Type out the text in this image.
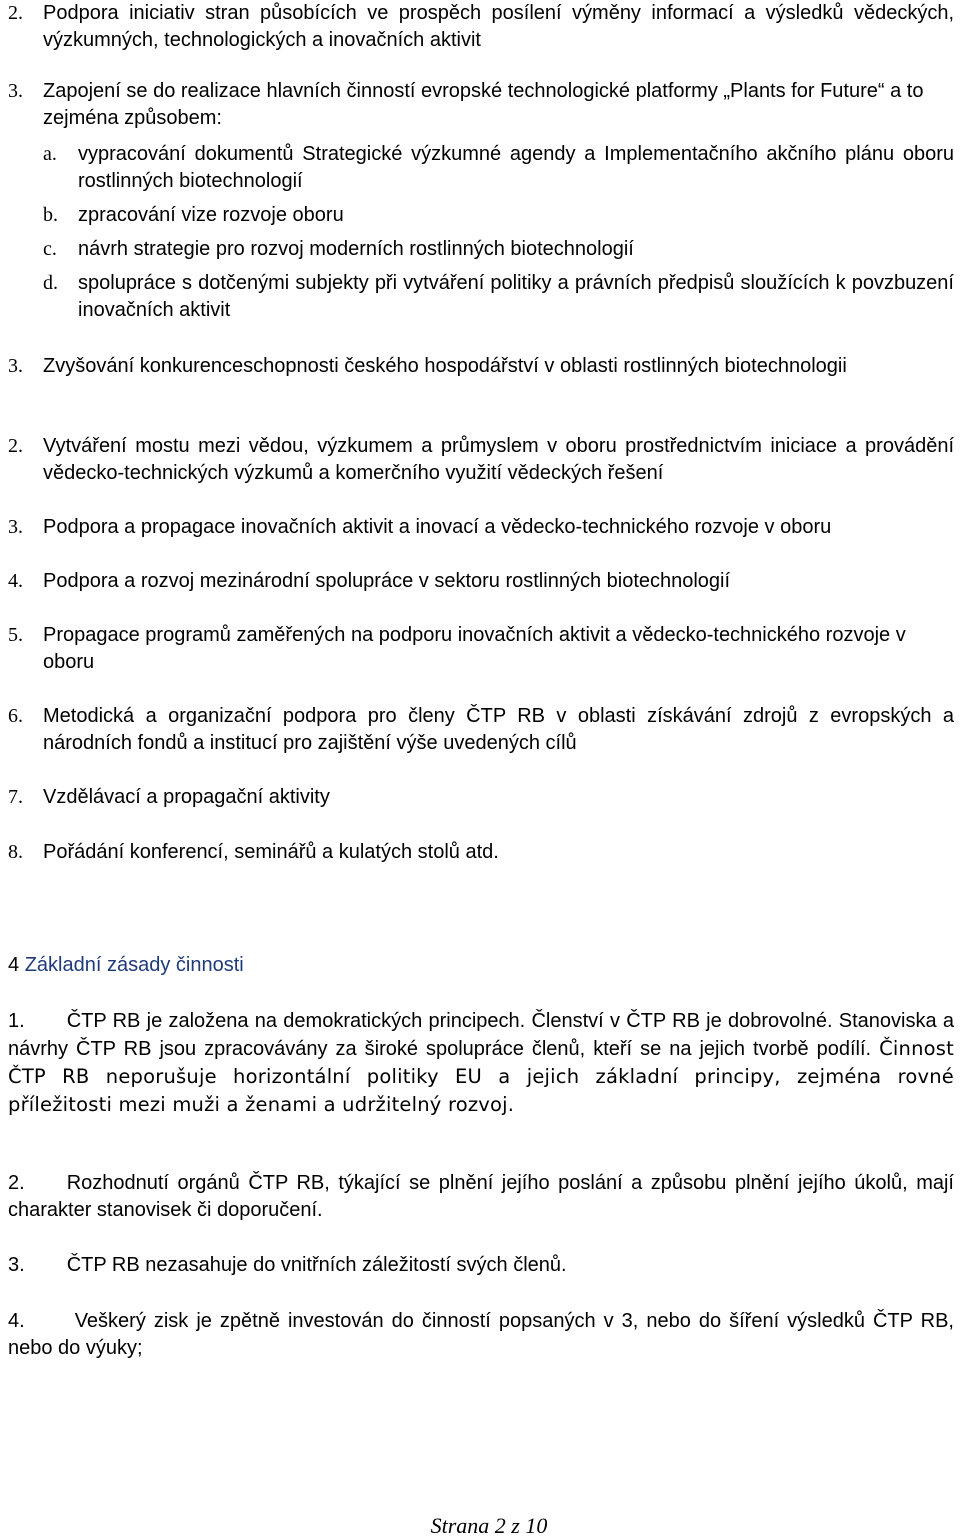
2. Podpora iniciativ stran působících ve prospěch posílení výměny informací a výsledků vědeckých, výzkumných, technologických a inovačních aktivit
3. Zapojení se do realizace hlavních činností evropské technologické platformy „Plants for Future“ a to zejména způsobem:
a. vypracování dokumentů Strategické výzkumné agendy a Implementačního akčního plánu oboru rostlinných biotechnologií
b. zpracování vize rozvoje oboru
c. návrh strategie pro rozvoj moderních rostlinných biotechnologií
d. spolupráce s dotčenými subjekty při vytváření politiky a právních předpisů sloužících k povzbuzení inovačních aktivit
3. Zvyšování konkurenceschopnosti českého hospodářství v oblasti rostlinných biotechnologii
2. Vytváření mostu mezi vědou, výzkumem a průmyslem v oboru prostřednictvím iniciace a provádění vědecko-technických výzkumů a komerčního využití vědeckých řešení
3. Podpora a propagace inovačních aktivit a inovací a vědecko-technického rozvoje v oboru
4. Podpora a rozvoj mezinárodní spolupráce v sektoru rostlinných biotechnologií
5. Propagace programů zaměřených na podporu inovačních aktivit a vědecko-technického rozvoje v oboru
6. Metodická a organizační podpora pro členy ČTP RB v oblasti získávání zdrojů z evropských a národních fondů a institucí pro zajištění výše uvedených cílů
7. Vzdělávací a propagační aktivity
8. Pořádání konferencí, seminářů a kulatých stolů atd.
4 Základní zásady činnosti
1. ČTP RB je založena na demokratických principech. Členství v ČTP RB je dobrovolné. Stanoviska a návrhy ČTP RB jsou zpracovávány za široké spolupráce členů, kteří se na jejich tvorbě podílí. Činnost ČTP RB neporušuje horizontální politiky EU a jejich základní principy, zejména rovné příležitosti mezi muži a ženami a udržitelný rozvoj.
2. Rozhodnutí orgánů ČTP RB, týkající se plnění jejího poslání a způsobu plnění jejího úkolů, mají charakter stanovisek či doporučení.
3. ČTP RB nezasahuje do vnitřních záležitostí svých členů.
4.	Veškerý zisk je zpětně investován do činností popsaných v 3, nebo do šíření výsledků ČTP RB, nebo do výuky;
Strana 2 z 10
